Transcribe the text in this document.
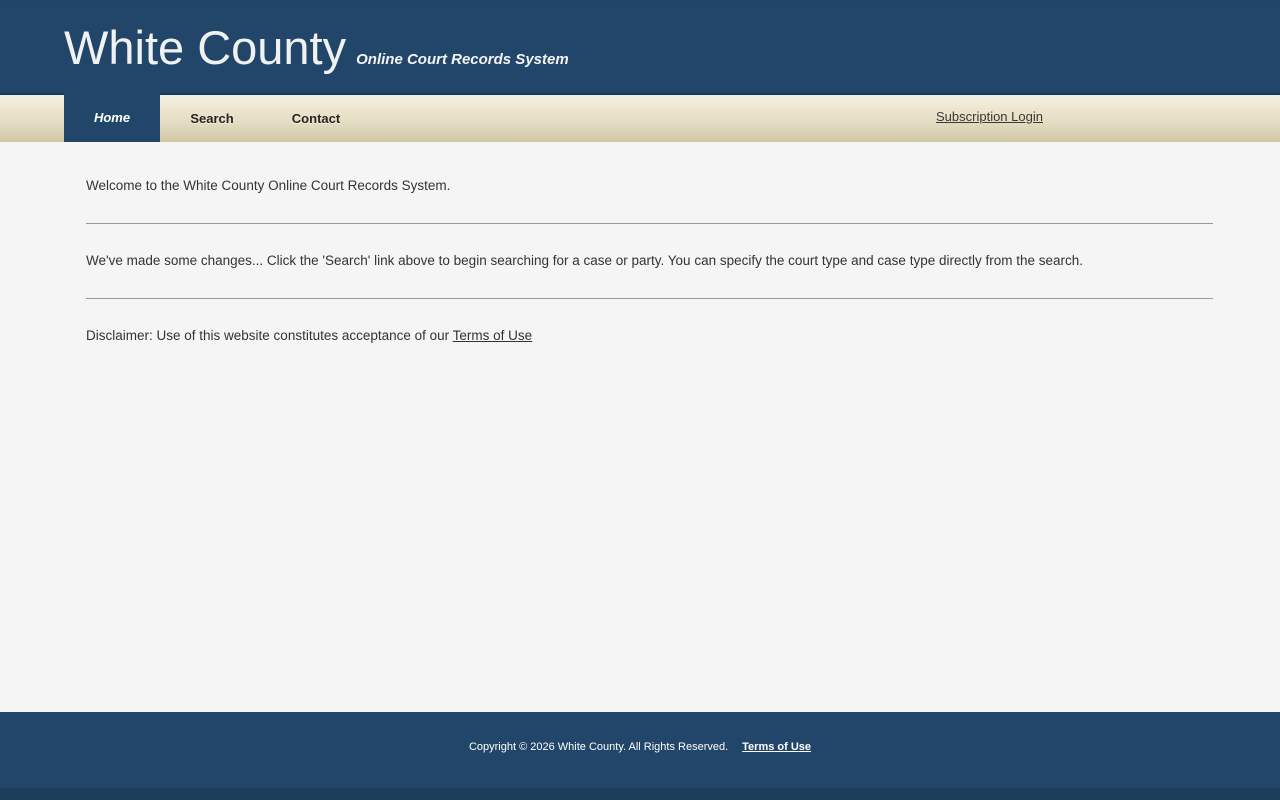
White County Online Court Records System
Home	Search	Contact	Subscription Login

Welcome to the White County Online Court Records System.

We've made some changes... Click the 'Search' link above to begin searching for a case or party. You can specify the court type and case type directly from the search.

Disclaimer: Use of this website constitutes acceptance of our Terms of Use

Copyright © 2026 White County. All Rights Reserved. Terms of Use
